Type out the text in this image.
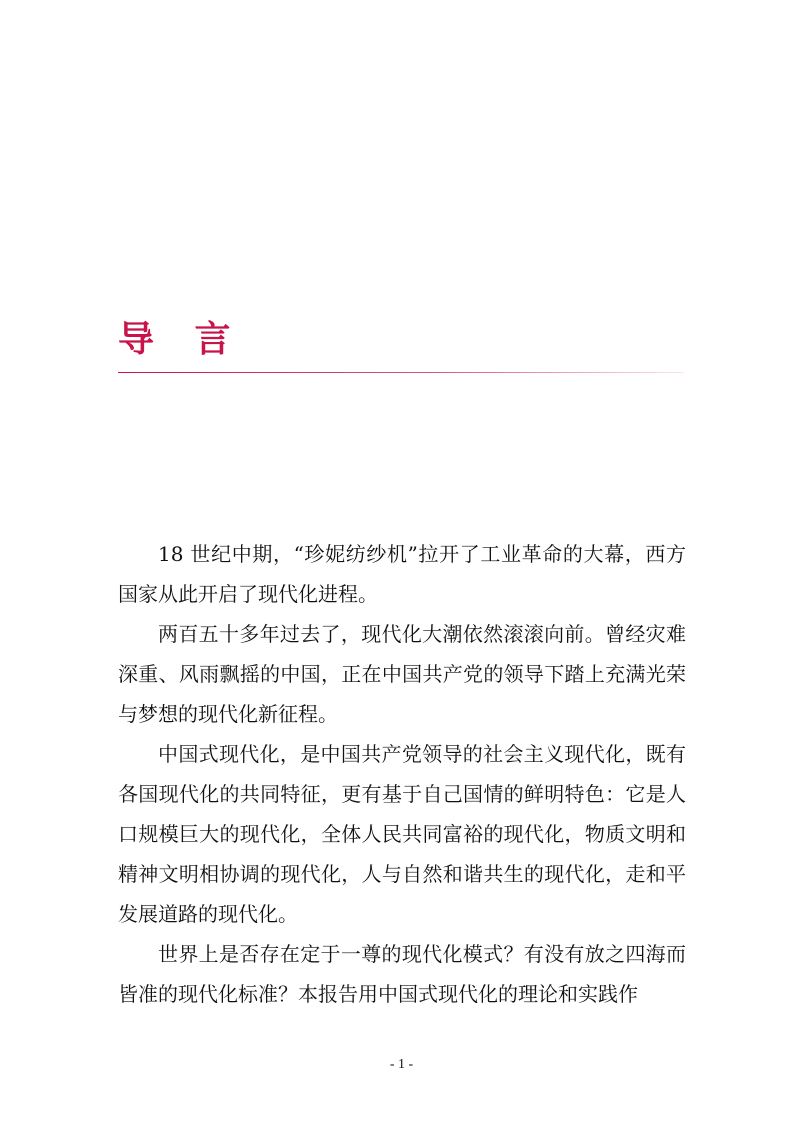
导 言

18 世纪中期，“珍妮纺纱机”拉开了工业革命的大幕，西方国家从此开启了现代化进程。

两百五十多年过去了，现代化大潮依然滚滚向前。曾经灾难深重、风雨飘摇的中国，正在中国共产党的领导下踏上充满光荣与梦想的现代化新征程。

中国式现代化，是中国共产党领导的社会主义现代化，既有各国现代化的共同特征，更有基于自己国情的鲜明特色：它是人口规模巨大的现代化，全体人民共同富裕的现代化，物质文明和精神文明相协调的现代化，人与自然和谐共生的现代化，走和平发展道路的现代化。

世界上是否存在定于一尊的现代化模式？有没有放之四海而皆准的现代化标准？本报告用中国式现代化的理论和实践作

- 1 -
